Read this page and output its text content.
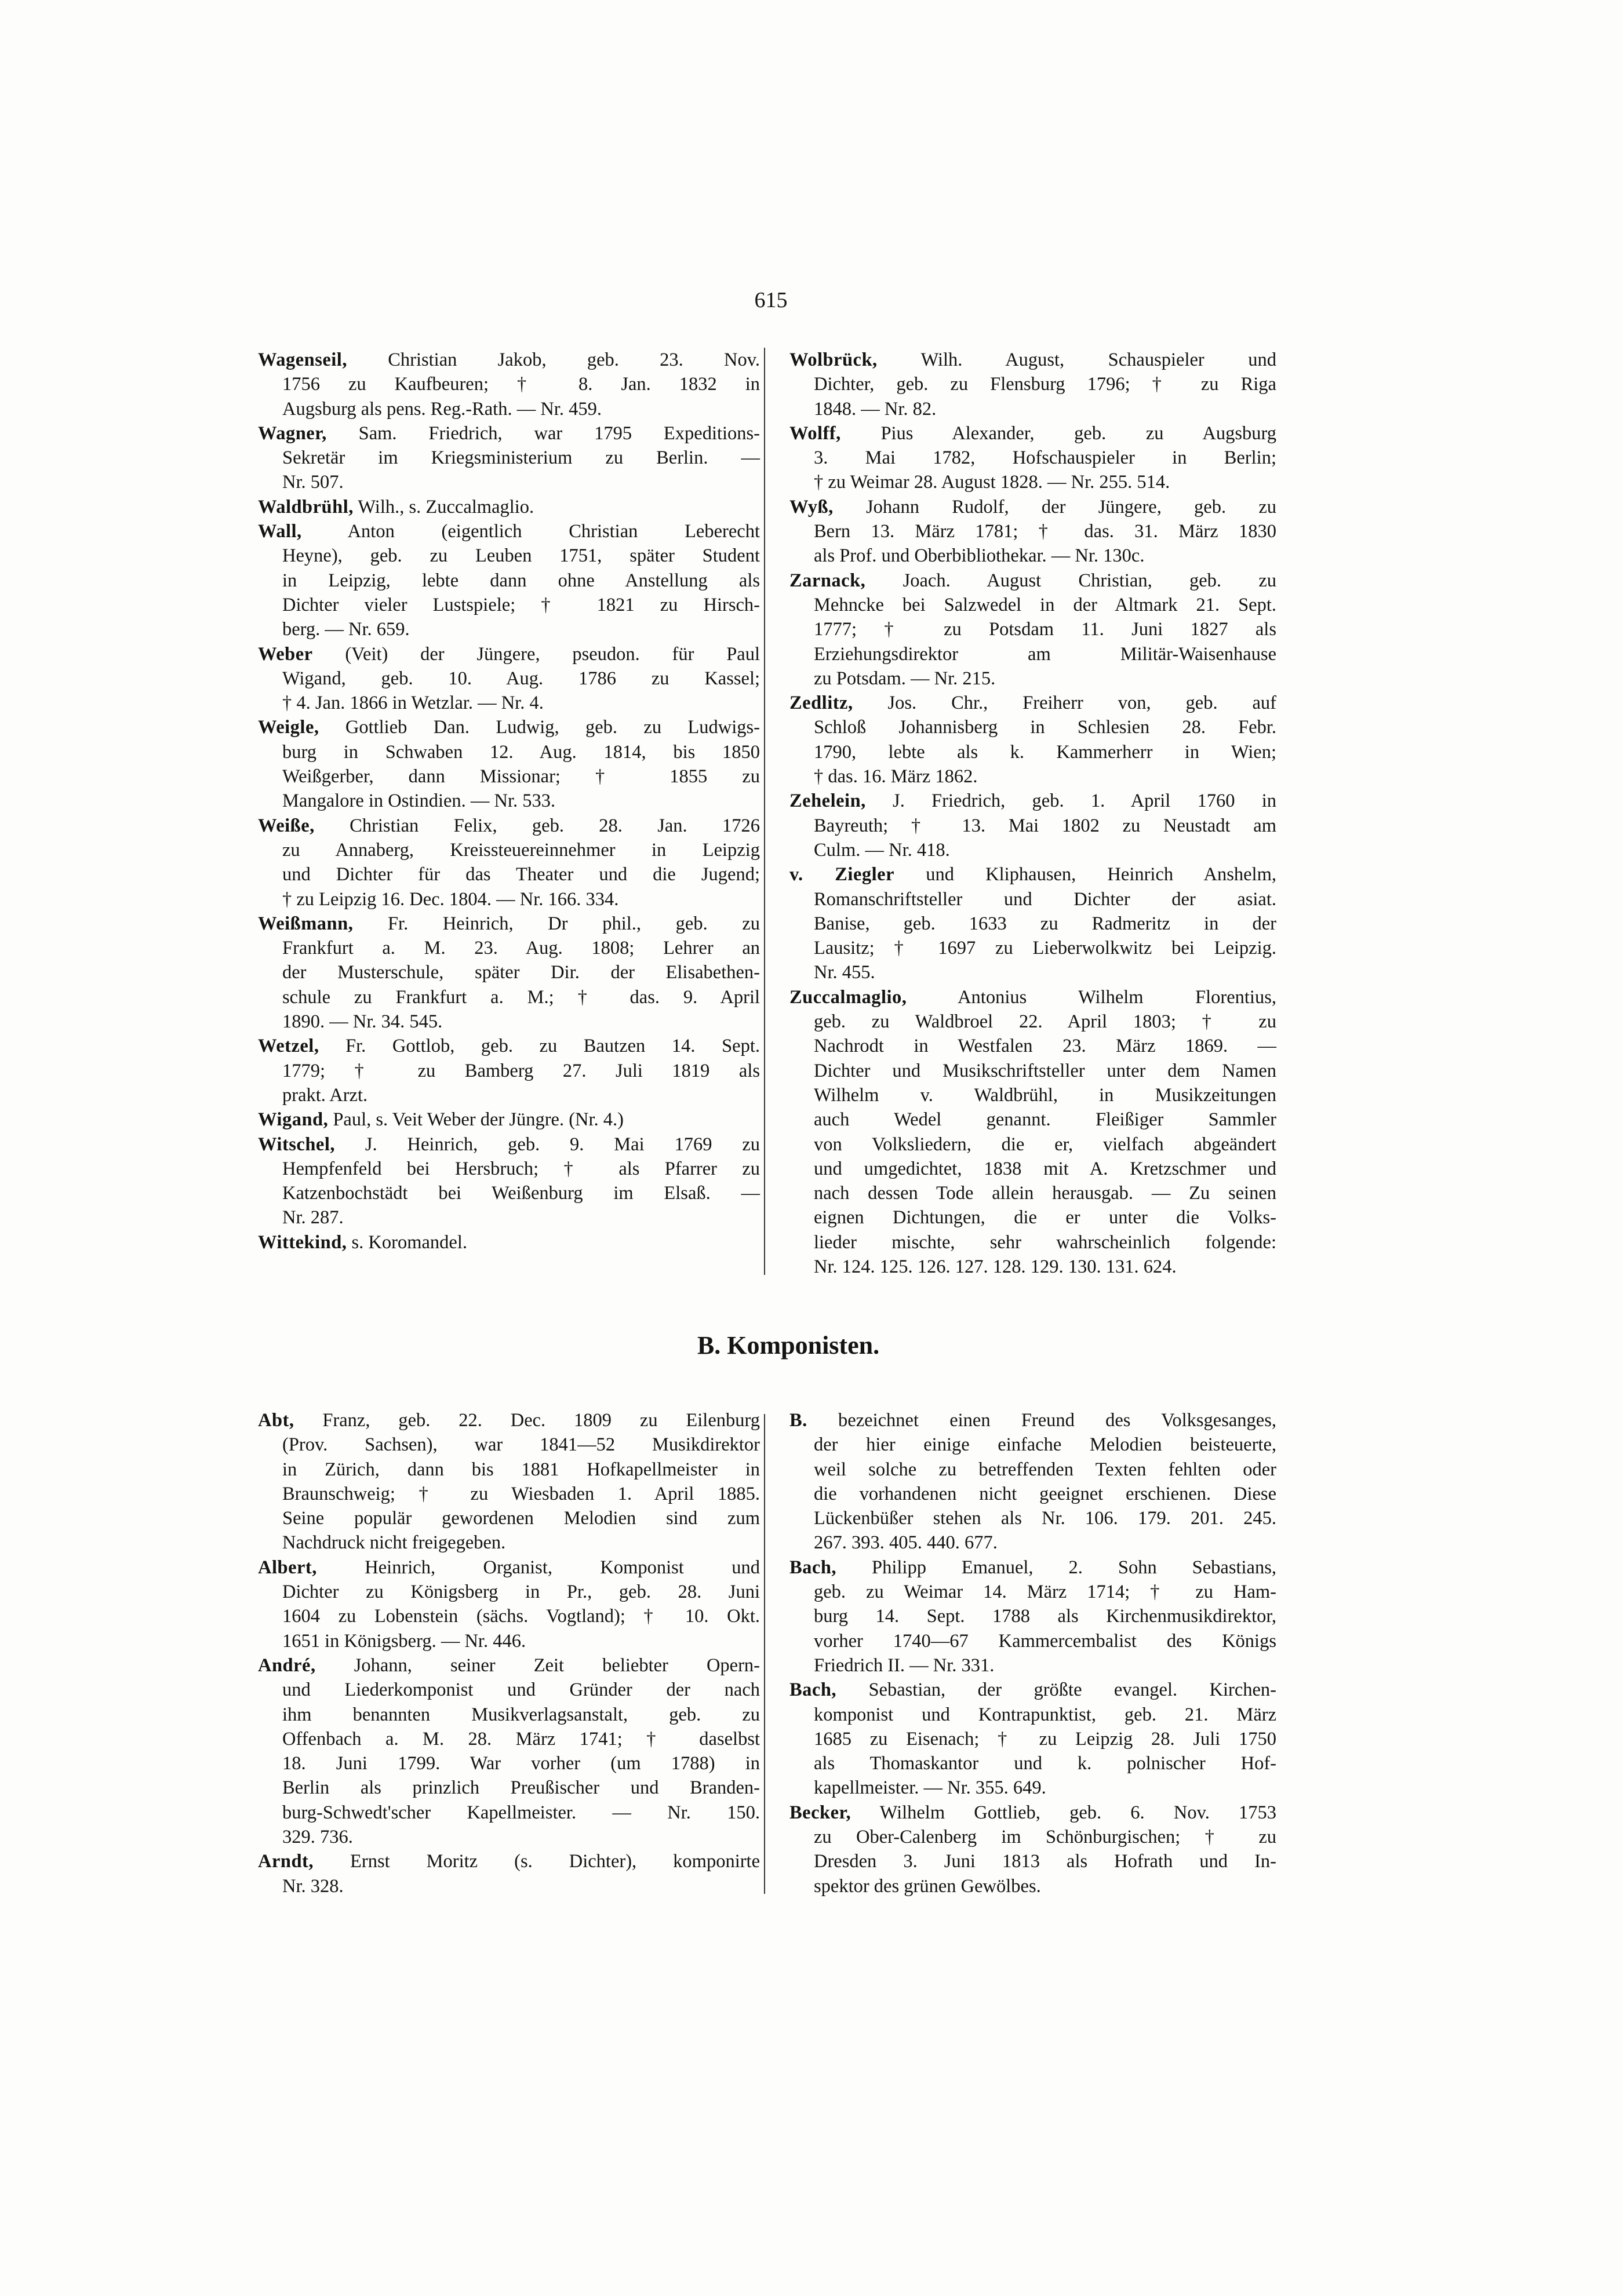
615
Wagenseil, Christian Jakob, geb. 23. Nov.
1756 zu Kaufbeuren; † 8. Jan. 1832 in
Augsburg als pens. Reg.-Rath. — Nr. 459.
Wagner, Sam. Friedrich, war 1795 Expeditions-
Sekretär im Kriegsministerium zu Berlin. —
Nr. 507.
Waldbrühl, Wilh., s. Zuccalmaglio.
Wall, Anton (eigentlich Christian Leberecht
Heyne), geb. zu Leuben 1751, später Student
in Leipzig, lebte dann ohne Anstellung als
Dichter vieler Lustspiele; † 1821 zu Hirsch-
berg. — Nr. 659.
Weber (Veit) der Jüngere, pseudon. für Paul
Wigand, geb. 10. Aug. 1786 zu Kassel;
† 4. Jan. 1866 in Wetzlar. — Nr. 4.
Weigle, Gottlieb Dan. Ludwig, geb. zu Ludwigs-
burg in Schwaben 12. Aug. 1814, bis 1850
Weißgerber, dann Missionar; † 1855 zu
Mangalore in Ostindien. — Nr. 533.
Weiße, Christian Felix, geb. 28. Jan. 1726
zu Annaberg, Kreissteuereinnehmer in Leipzig
und Dichter für das Theater und die Jugend;
† zu Leipzig 16. Dec. 1804. — Nr. 166. 334.
Weißmann, Fr. Heinrich, Dr phil., geb. zu
Frankfurt a. M. 23. Aug. 1808; Lehrer an
der Musterschule, später Dir. der Elisabethen-
schule zu Frankfurt a. M.; † das. 9. April
1890. — Nr. 34. 545.
Wetzel, Fr. Gottlob, geb. zu Bautzen 14. Sept.
1779; † zu Bamberg 27. Juli 1819 als
prakt. Arzt.
Wigand, Paul, s. Veit Weber der Jüngre. (Nr. 4.)
Witschel, J. Heinrich, geb. 9. Mai 1769 zu
Hempfenfeld bei Hersbruch; † als Pfarrer zu
Katzenbochstädt bei Weißenburg im Elsaß. —
Nr. 287.
Wittekind, s. Koromandel.
Wolbrück, Wilh. August, Schauspieler und
Dichter, geb. zu Flensburg 1796; † zu Riga
1848. — Nr. 82.
Wolff, Pius Alexander, geb. zu Augsburg
3. Mai 1782, Hofschauspieler in Berlin;
† zu Weimar 28. August 1828. — Nr. 255. 514.
Wyß, Johann Rudolf, der Jüngere, geb. zu
Bern 13. März 1781; † das. 31. März 1830
als Prof. und Oberbibliothekar. — Nr. 130c.
Zarnack, Joach. August Christian, geb. zu
Mehncke bei Salzwedel in der Altmark 21. Sept.
1777; † zu Potsdam 11. Juni 1827 als
Erziehungsdirektor am Militär-Waisenhause
zu Potsdam. — Nr. 215.
Zedlitz, Jos. Chr., Freiherr von, geb. auf
Schloß Johannisberg in Schlesien 28. Febr.
1790, lebte als k. Kammerherr in Wien;
† das. 16. März 1862.
Zehelein, J. Friedrich, geb. 1. April 1760 in
Bayreuth; † 13. Mai 1802 zu Neustadt am
Culm. — Nr. 418.
v. Ziegler und Kliphausen, Heinrich Anshelm,
Romanschriftsteller und Dichter der asiat.
Banise, geb. 1633 zu Radmeritz in der
Lausitz; † 1697 zu Lieberwolkwitz bei Leipzig.
Nr. 455.
Zuccalmaglio,	Antonius Wilhelm Florentius,
geb. zu Waldbroel 22. April 1803; † zu
Nachrodt in Westfalen 23. März 1869. —
Dichter und Musikschriftsteller unter dem Namen
Wilhelm v. Waldbrühl, in Musikzeitungen
auch Wedel genannt. Fleißiger Sammler
von Volksliedern, die er, vielfach abgeändert
und umgedichtet, 1838 mit A. Kretzschmer und
nach dessen Tode allein herausgab. — Zu seinen
eignen Dichtungen, die er unter die Volks-
lieder mischte, sehr wahrscheinlich folgende:
Nr. 124. 125. 126. 127. 128. 129. 130. 131. 624.
B. Komponisten.
Abt, Franz, geb. 22. Dec. 1809 zu Eilenburg
(Prov. Sachsen), war 1841—52 Musikdirektor
in Zürich, dann bis 1881 Hofkapellmeister in
Braunschweig; † zu Wiesbaden 1. April 1885.
Seine populär gewordenen Melodien sind zum
Nachdruck nicht freigegeben.
Albert,	Heinrich, Organist, Komponist und
Dichter zu Königsberg in Pr., geb. 28. Juni
1604 zu Lobenstein (sächs. Vogtland); † 10. Okt.
1651 in Königsberg. — Nr. 446.
André, Johann, seiner Zeit beliebter Opern-
und Liederkomponist und Gründer der nach
ihm benannten Musikverlagsanstalt, geb. zu
Offenbach a. M. 28. März 1741; † daselbst
18. Juni 1799. War vorher (um 1788) in
Berlin als prinzlich Preußischer und Branden-
burg-Schwedt'scher Kapellmeister. — Nr. 150.
329. 736.
Arndt, Ernst Moritz (s. Dichter), komponirte
Nr. 328.
B. bezeichnet einen Freund des Volksgesanges,
der hier einige einfache Melodien beisteuerte,
weil solche zu betreffenden Texten fehlten oder
die vorhandenen nicht geeignet erschienen. Diese
Lückenbüßer stehen als Nr. 106. 179. 201. 245.
267. 393. 405. 440. 677.
Bach, Philipp Emanuel, 2. Sohn Sebastians,
geb. zu Weimar 14. März 1714; † zu Ham-
burg 14. Sept. 1788 als Kirchenmusikdirektor,
vorher 1740—67 Kammercembalist des Königs
Friedrich II. — Nr. 331.
Bach, Sebastian, der größte evangel. Kirchen-
komponist und Kontrapunktist, geb. 21. März
1685 zu Eisenach; † zu Leipzig 28. Juli 1750
als Thomaskantor und k. polnischer Hof-
kapellmeister. — Nr. 355. 649.
Becker, Wilhelm Gottlieb, geb. 6. Nov. 1753
zu Ober-Calenberg im Schönburgischen; † zu
Dresden 3. Juni 1813 als Hofrath und In-
spektor des grünen Gewölbes.
